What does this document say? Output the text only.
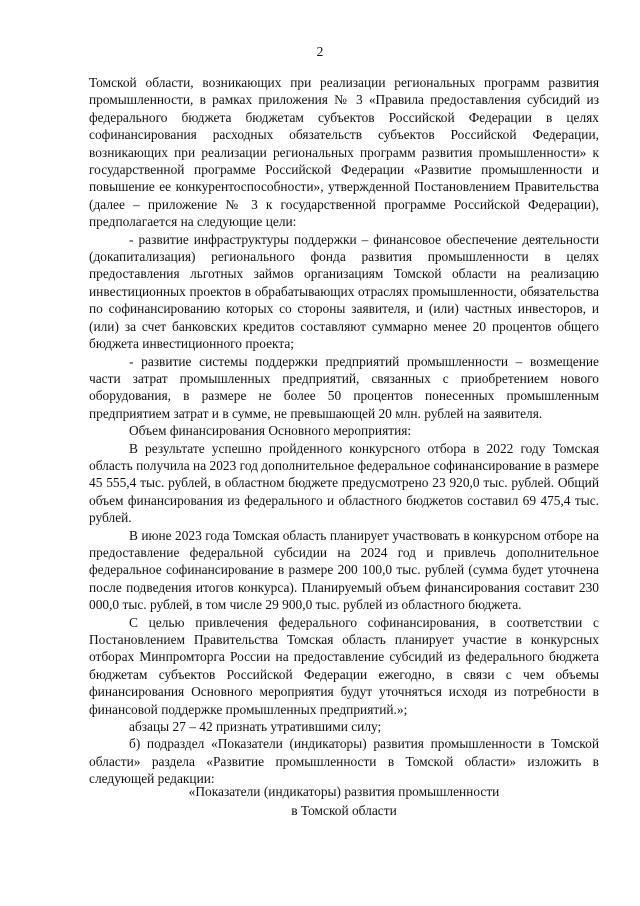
2

Томской области, возникающих при реализации региональных программ развития промышленности, в рамках приложения № 3 «Правила предоставления субсидий из федерального бюджета бюджетам субъектов Российской Федерации в целях софинансирования расходных обязательств субъектов Российской Федерации, возникающих при реализации региональных программ развития промышленности» к государственной программе Российской Федерации «Развитие промышленности и повышение ее конкурентоспособности», утвержденной Постановлением Правительства (далее – приложение № 3 к государственной программе Российской Федерации), предполагается на следующие цели:

- развитие инфраструктуры поддержки – финансовое обеспечение деятельности (докапитализация) регионального фонда развития промышленности в целях предоставления льготных займов организациям Томской области на реализацию инвестиционных проектов в обрабатывающих отраслях промышленности, обязательства по софинансированию которых со стороны заявителя, и (или) частных инвесторов, и (или) за счет банковских кредитов составляют суммарно менее 20 процентов общего бюджета инвестиционного проекта;

- развитие системы поддержки предприятий промышленности – возмещение части затрат промышленных предприятий, связанных с приобретением нового оборудования, в размере не более 50 процентов понесенных промышленным предприятием затрат и в сумме, не превышающей 20 млн. рублей на заявителя.

Объем финансирования Основного мероприятия:

В результате успешно пройденного конкурсного отбора в 2022 году Томская область получила на 2023 год дополнительное федеральное софинансирование в размере 45 555,4 тыс. рублей, в областном бюджете предусмотрено 23 920,0 тыс. рублей. Общий объем финансирования из федерального и областного бюджетов составил 69 475,4 тыс. рублей.

В июне 2023 года Томская область планирует участвовать в конкурсном отборе на предоставление федеральной субсидии на 2024 год и привлечь дополнительное федеральное софинансирование в размере 200 100,0 тыс. рублей (сумма будет уточнена после подведения итогов конкурса). Планируемый объем финансирования составит 230 000,0 тыс. рублей, в том числе 29 900,0 тыс. рублей из областного бюджета.

С целью привлечения федерального софинансирования, в соответствии с Постановлением Правительства Томская область планирует участие в конкурсных отборах Минпромторга России на предоставление субсидий из федерального бюджета бюджетам субъектов Российской Федерации ежегодно, в связи с чем объемы финансирования Основного мероприятия будут уточняться исходя из потребности в финансовой поддержке промышленных предприятий.»;

абзацы 27 – 42 признать утратившими силу;

б) подраздел «Показатели (индикаторы) развития промышленности в Томской области» раздела «Развитие промышленности в Томской области» изложить в следующей редакции:

«Показатели (индикаторы) развития промышленности

в Томской области
